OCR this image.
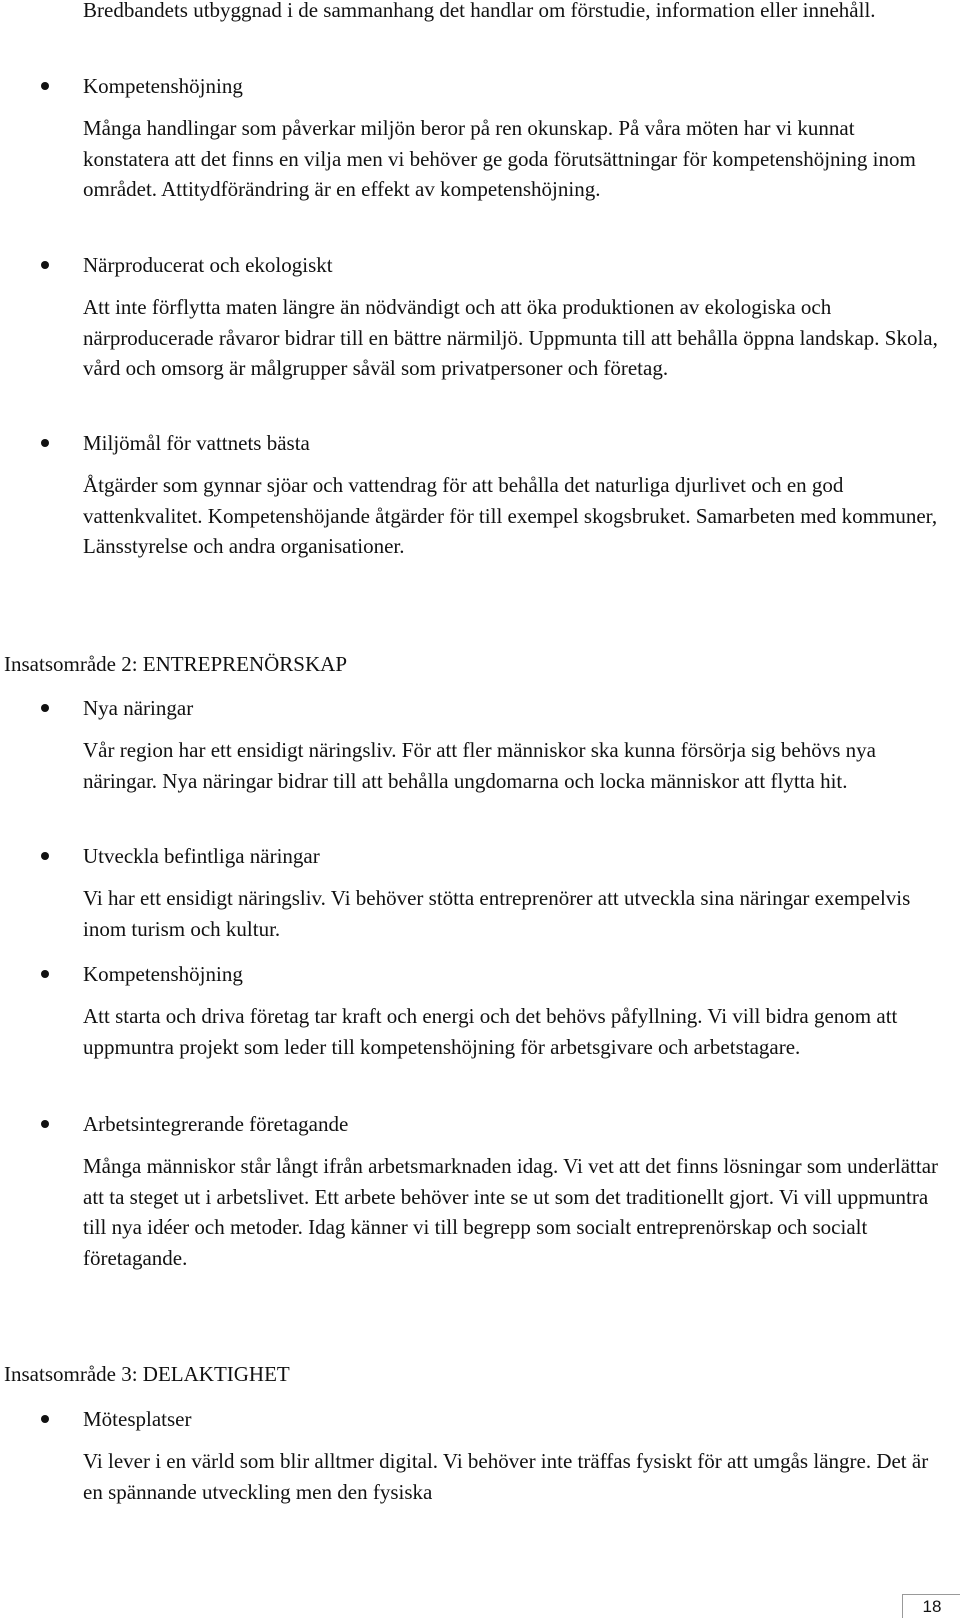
Bredbandets utbyggnad i de sammanhang det handlar om förstudie, information eller innehåll.

Kompetenshöjning
Många handlingar som påverkar miljön beror på ren okunskap. På våra möten har vi kunnat konstatera att det finns en vilja men vi behöver ge goda förutsättningar för kompetenshöjning inom området. Attitydförändring är en effekt av kompetenshöjning.
Närproducerat och ekologiskt
Att inte förflytta maten längre än nödvändigt och att öka produktionen av ekologiska och närproducerade råvaror bidrar till en bättre närmiljö. Uppmunta till att behålla öppna landskap. Skola, vård och omsorg är målgrupper såväl som privatpersoner och företag.
Miljömål för vattnets bästa
Åtgärder som gynnar sjöar och vattendrag för att behålla det naturliga djurlivet och en god vattenkvalitet. Kompetenshöjande åtgärder för till exempel skogsbruket. Samarbeten med kommuner, Länsstyrelse och andra organisationer.
Insatsområde 2: ENTREPRENÖRSKAP
Nya näringar
Vår region har ett ensidigt näringsliv. För att fler människor ska kunna försörja sig behövs nya näringar. Nya näringar bidrar till att behålla ungdomarna och locka människor att flytta hit.
Utveckla befintliga näringar
Vi har ett ensidigt näringsliv. Vi behöver stötta entreprenörer att utveckla sina näringar exempelvis inom turism och kultur.
Kompetenshöjning
Att starta och driva företag tar kraft och energi och det behövs påfyllning. Vi vill bidra genom att uppmuntra projekt som leder till kompetenshöjning för arbetsgivare och arbetstagare.
Arbetsintegrerande företagande
Många människor står långt ifrån arbetsmarknaden idag. Vi vet att det finns lösningar som underlättar att ta steget ut i arbetslivet. Ett arbete behöver inte se ut som det traditionellt gjort. Vi vill uppmuntra till nya idéer och metoder. Idag känner vi till begrepp som socialt entreprenörskap och socialt företagande.
Insatsområde 3: DELAKTIGHET
Mötesplatser
Vi lever i en värld som blir alltmer digital. Vi behöver inte träffas fysiskt för att umgås längre. Det är en spännande utveckling men den fysiska
18
